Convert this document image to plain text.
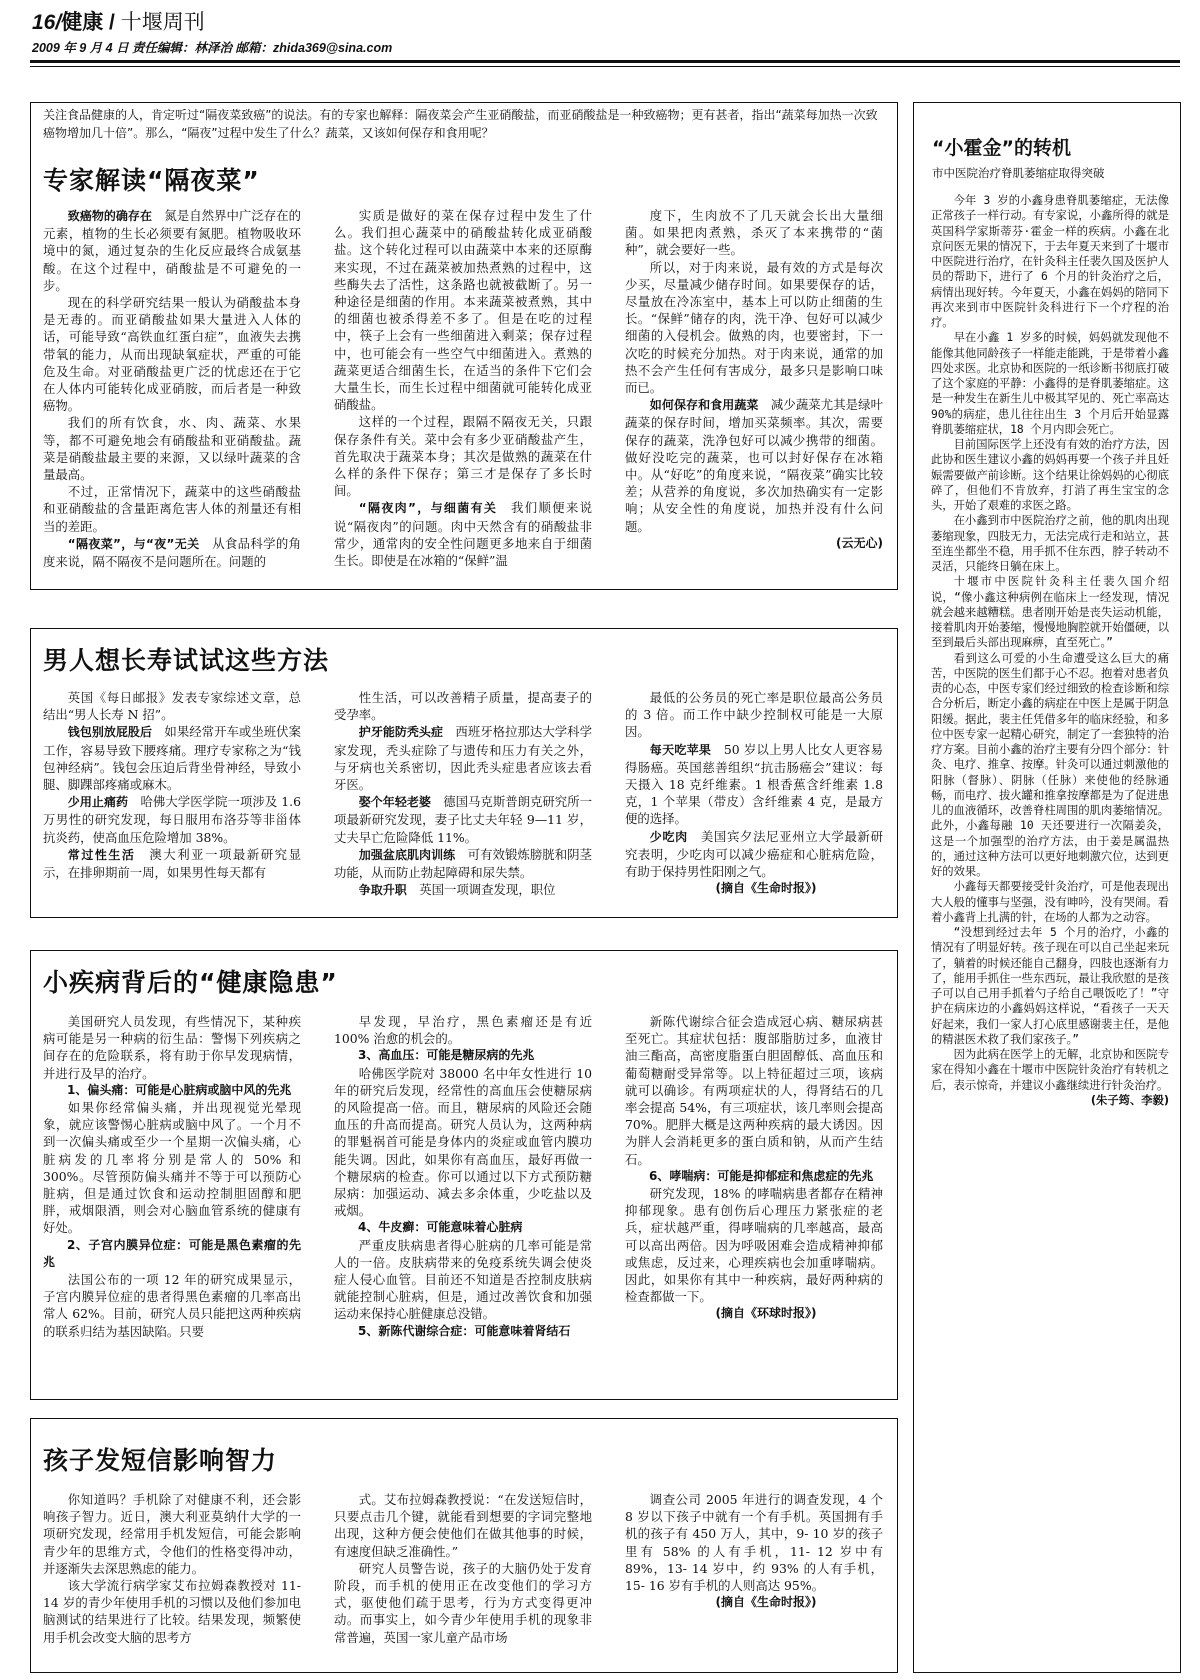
16/健康 / 十堰周刊
2009 年 9 月 4 日 责任编辑：林泽治 邮箱：zhida369@sina.com
关注食品健康的人，肯定听过“隔夜菜致癌”的说法。有的专家也解释：隔夜菜会产生亚硝酸盐，而亚硝酸盐是一种致癌物；更有甚者，指出“蔬菜每加热一次致癌物增加几十倍”。那么，“隔夜”过程中发生了什么？蔬菜，又该如何保存和食用呢？
专家解读“隔夜菜”

致癌物的确存在　氮是自然界中广泛存在的元素，植物的生长必须要有氮肥。植物吸收环境中的氮，通过复杂的生化反应最终合成氨基酸。在这个过程中，硝酸盐是不可避免的一步。

现在的科学研究结果一般认为硝酸盐本身是无毒的。而亚硝酸盐如果大量进入人体的话，可能导致“高铁血红蛋白症”，血液失去携带氧的能力，从而出现缺氧症状，严重的可能危及生命。对亚硝酸盐更广泛的忧虑还在于它在人体内可能转化成亚硝胺，而后者是一种致癌物。

我们的所有饮食，水、肉、蔬菜、水果等，都不可避免地会有硝酸盐和亚硝酸盐。蔬菜是硝酸盐最主要的来源，又以绿叶蔬菜的含量最高。

不过，正常情况下，蔬菜中的这些硝酸盐和亚硝酸盐的含量距离危害人体的剂量还有相当的差距。

“隔夜菜”，与“夜”无关　从食品科学的角度来说，隔不隔夜不是问题所在。问题的

实质是做好的菜在保存过程中发生了什么。我们担心蔬菜中的硝酸盐转化成亚硝酸盐。这个转化过程可以由蔬菜中本来的还原酶来实现，不过在蔬菜被加热煮熟的过程中，这些酶失去了活性，这条路也就被截断了。另一种途径是细菌的作用。本来蔬菜被煮熟，其中的细菌也被杀得差不多了。但是在吃的过程中，筷子上会有一些细菌进入剩菜；保存过程中，也可能会有一些空气中细菌进入。煮熟的蔬菜更适合细菌生长，在适当的条件下它们会大量生长，而生长过程中细菌就可能转化成亚硝酸盐。

这样的一个过程，跟隔不隔夜无关，只跟保存条件有关。菜中会有多少亚硝酸盐产生，首先取决于蔬菜本身；其次是做熟的蔬菜在什么样的条件下保存；第三才是保存了多长时间。

“隔夜肉”，与细菌有关　我们顺便来说说“隔夜肉”的问题。肉中天然含有的硝酸盐非常少，通常肉的安全性问题更多地来自于细菌生长。即使是在冰箱的“保鲜”温

度下，生肉放不了几天就会长出大量细菌。如果把肉煮熟，杀灭了本来携带的“菌种”，就会要好一些。

所以，对于肉来说，最有效的方式是每次少买，尽量减少储存时间。如果要保存的话，尽量放在冷冻室中，基本上可以防止细菌的生长。“保鲜”储存的肉，洗干净、包好可以减少细菌的入侵机会。做熟的肉，也要密封，下一次吃的时候充分加热。对于肉来说，通常的加热不会产生任何有害成分，最多只是影响口味而已。

如何保存和食用蔬菜　减少蔬菜尤其是绿叶蔬菜的保存时间，增加买菜频率。其次，需要保存的蔬菜，洗净包好可以减少携带的细菌。做好没吃完的蔬菜，也可以封好保存在冰箱中。从“好吃”的角度来说，“隔夜菜”确实比较差；从营养的角度说，多次加热确实有一定影响；从安全性的角度说，加热并没有什么问题。

(云无心)

男人想长寿试试这些方法

英国《每日邮报》发表专家综述文章，总结出“男人长寿 N 招”。

钱包别放屁股后　如果经常开车或坐班伏案工作，容易导致下腰疼痛。理疗专家称之为“钱包神经病”。钱包会压迫后背坐骨神经，导致小腿、脚踝部疼痛或麻木。

少用止痛药　哈佛大学医学院一项涉及 1.6 万男性的研究发现，每日服用布洛芬等非甾体抗炎药，使高血压危险增加 38%。

常过性生活　澳大利亚一项最新研究显示，在排卵期前一周，如果男性每天都有

性生活，可以改善精子质量，提高妻子的受孕率。

护牙能防秃头症　西班牙格拉那达大学科学家发现，秃头症除了与遗传和压力有关之外，与牙病也关系密切，因此秃头症患者应该去看牙医。

娶个年轻老婆　德国马克斯普朗克研究所一项最新研究发现，妻子比丈夫年轻 9—11 岁，丈夫早亡危险降低 11%。

加强盆底肌肉训练　可有效锻炼膀胱和阴茎功能，从而防止勃起障碍和尿失禁。

争取升职　英国一项调查发现，职位

最低的公务员的死亡率是职位最高公务员的 3 倍。而工作中缺少控制权可能是一大原因。

每天吃苹果　50 岁以上男人比女人更容易得肠癌。英国慈善组织“抗击肠癌会”建议：每天摄入 18 克纤维素。1 根香蕉含纤维素 1.8 克，1 个苹果（带皮）含纤维素 4 克，是最方便的选择。

少吃肉　美国宾夕法尼亚州立大学最新研究表明，少吃肉可以减少癌症和心脏病危险，有助于保持男性阳刚之气。

(摘自《生命时报》)

小疾病背后的“健康隐患”

美国研究人员发现，有些情况下，某种疾病可能是另一种病的衍生品：警惕下列疾病之间存在的危险联系，将有助于你早发现病情，并进行及早的治疗。

1、偏头痛：可能是心脏病或脑中风的先兆

如果你经常偏头痛，并出现视觉光晕现象，就应该警惕心脏病或脑中风了。一个月不到一次偏头痛或至少一个星期一次偏头痛，心脏病发的几率将分别是常人的 50% 和 300%。尽管预防偏头痛并不等于可以预防心脏病，但是通过饮食和运动控制胆固醇和肥胖，戒烟限酒，则会对心脑血管系统的健康有好处。

2、子宫内膜异位症：可能是黑色素瘤的先兆

法国公布的一项 12 年的研究成果显示，子宫内膜异位症的患者得黑色素瘤的几率高出常人 62%。目前，研究人员只能把这两种疾病的联系归结为基因缺陷。只要

早发现，早治疗，黑色素瘤还是有近 100% 治愈的机会的。

3、高血压：可能是糖尿病的先兆

哈佛医学院对 38000 名中年女性进行 10 年的研究后发现，经常性的高血压会使糖尿病的风险提高一倍。而且，糖尿病的风险还会随血压的升高而提高。研究人员认为，这两种病的罪魁祸首可能是身体内的炎症或血管内膜功能失调。因此，如果你有高血压，最好再做一个糖尿病的检查。你可以通过以下方式预防糖尿病：加强运动、减去多余体重，少吃盐以及戒烟。

4、牛皮癣：可能意味着心脏病

严重皮肤病患者得心脏病的几率可能是常人的一倍。皮肤病带来的免疫系统失调会使炎症人侵心血管。目前还不知道是否控制皮肤病就能控制心脏病，但是，通过改善饮食和加强运动来保持心脏健康总没错。

5、新陈代谢综合症：可能意味着肾结石

新陈代谢综合征会造成冠心病、糖尿病甚至死亡。其症状包括：腹部脂肪过多，血液甘油三酯高，高密度脂蛋白胆固醇低、高血压和葡萄糖耐受异常等。以上特征超过三项，该病就可以确诊。有两项症状的人，得肾结石的几率会提高 54%，有三项症状，该几率则会提高 70%。肥胖大概是这两种疾病的最大诱因。因为胖人会消耗更多的蛋白质和钠，从而产生结石。

6、哮喘病：可能是抑郁症和焦虑症的先兆

研究发现，18% 的哮喘病患者都存在精神抑郁现象。患有创伤后心理压力紧张症的老兵，症状越严重，得哮喘病的几率越高，最高可以高出两倍。因为呼吸困难会造成精神抑郁或焦虑，反过来，心理疾病也会加重哮喘病。因此，如果你有其中一种疾病，最好两种病的检查都做一下。

(摘自《环球时报》)

孩子发短信影响智力

你知道吗？手机除了对健康不利，还会影响孩子智力。近日，澳大利亚莫纳什大学的一项研究发现，经常用手机发短信，可能会影响青少年的思维方式，令他们的性格变得冲动，并逐渐失去深思熟虑的能力。

该大学流行病学家艾布拉姆森教授对 11- 14 岁的青少年使用手机的习惯以及他们参加电脑测试的结果进行了比较。结果发现，频繁使用手机会改变大脑的思考方

式。艾布拉姆森教授说：“在发送短信时，只要点击几个键，就能看到想要的字词完整地出现，这种方便会使他们在做其他事的时候，有速度但缺乏准确性。”

研究人员警告说，孩子的大脑仍处于发育阶段，而手机的使用正在改变他们的学习方式，驱使他们疏于思考，行为方式变得更冲动。而事实上，如今青少年使用手机的现象非常普遍，英国一家儿童产品市场

调查公司 2005 年进行的调查发现，4 个 8 岁以下孩子中就有一个有手机。英国拥有手机的孩子有 450 万人，其中，9- 10 岁的孩子里有 58% 的人有手机，11- 12 岁中有 89%，13- 14 岁中，约 93% 的人有手机，15- 16 岁有手机的人则高达 95%。

(摘自《生命时报》)

“小霍金”的转机
市中医院治疗脊肌萎缩症取得突破

今年 3 岁的小鑫身患脊肌萎缩症，无法像正常孩子一样行动。有专家说，小鑫所得的就是英国科学家斯蒂芬·霍金一样的疾病。小鑫在北京问医无果的情况下，于去年夏天来到了十堰市中医院进行治疗，在针灸科主任裴久国及医护人员的帮助下，进行了 6 个月的针灸治疗之后，病情出现好转。今年夏天，小鑫在妈妈的陪同下再次来到市中医院针灸科进行下一个疗程的治疗。

早在小鑫 1 岁多的时候，妈妈就发现他不能像其他同龄孩子一样能走能跳，于是带着小鑫四处求医。北京协和医院的一纸诊断书彻底打破了这个家庭的平静：小鑫得的是脊肌萎缩症。这是一种发生在新生儿中极其罕见的、死亡率高达 90%的病症，患儿往往出生 3 个月后开始显露脊肌萎缩症状，18 个月内即会死亡。

目前国际医学上还没有有效的治疗方法，因此协和医生建议小鑫的妈妈再要一个孩子并且妊娠需要做产前诊断。这个结果让徐妈妈的心彻底碎了，但他们不肯放弃，打消了再生宝宝的念头，开始了艰难的求医之路。

在小鑫到市中医院治疗之前，他的肌肉出现萎缩现象，四肢无力，无法完成行走和站立，甚至连坐都坐不稳，用手抓不住东西，脖子转动不灵活，只能终日躺在床上。

十堰市中医院针灸科主任裴久国介绍说，“像小鑫这种病例在临床上一经发现，情况就会越来越糟糕。患者刚开始是丧失运动机能，接着肌肉开始萎缩，慢慢地胸腔就开始僵硬，以至到最后头部出现麻痹，直至死亡。”

看到这么可爱的小生命遭受这么巨大的痛苦，中医院的医生们都于心不忍。抱着对患者负责的心态，中医专家们经过细致的检查诊断和综合分析后，断定小鑫的病症在中医上是属于阴急阳缓。据此，裴主任凭借多年的临床经验，和多位中医专家一起精心研究，制定了一套独特的治疗方案。目前小鑫的治疗主要有分四个部分：针灸、电疗、推拿、按摩。针灸可以通过刺激他的阳脉（督脉）、阴脉（任脉）来使他的经脉通畅，而电疗、拔火罐和推拿按摩都是为了促进患儿的血液循环，改善脊柱周围的肌肉萎缩情况。此外，小鑫每融 10 天还要进行一次隔姜灸，这是一个加强型的治疗方法，由于姜是属温热的，通过这种方法可以更好地刺激穴位，达到更好的效果。

小鑫每天都要接受针灸治疗，可是他表现出大人般的懂事与坚强，没有呻吟，没有哭闹。看着小鑫背上扎满的针，在场的人都为之动容。

“没想到经过去年 5 个月的治疗，小鑫的情况有了明显好转。孩子现在可以自己坐起来玩了，躺着的时候还能自己翻身，四肢也逐渐有力了，能用手抓住一些东西玩，最让我欣慰的是孩子可以自己用手抓着勺子给自己喂饭吃了！”守护在病床边的小鑫妈妈这样说，“看孩子一天天好起来，我们一家人打心底里感谢裴主任，是他的精湛医术救了我们家孩子。”

因为此病在医学上的无解，北京协和医院专家在得知小鑫在十堰市中医院针灸治疗有转机之后，表示惊奇，并建议小鑫继续进行针灸治疗。

(朱子筠、李毅)
